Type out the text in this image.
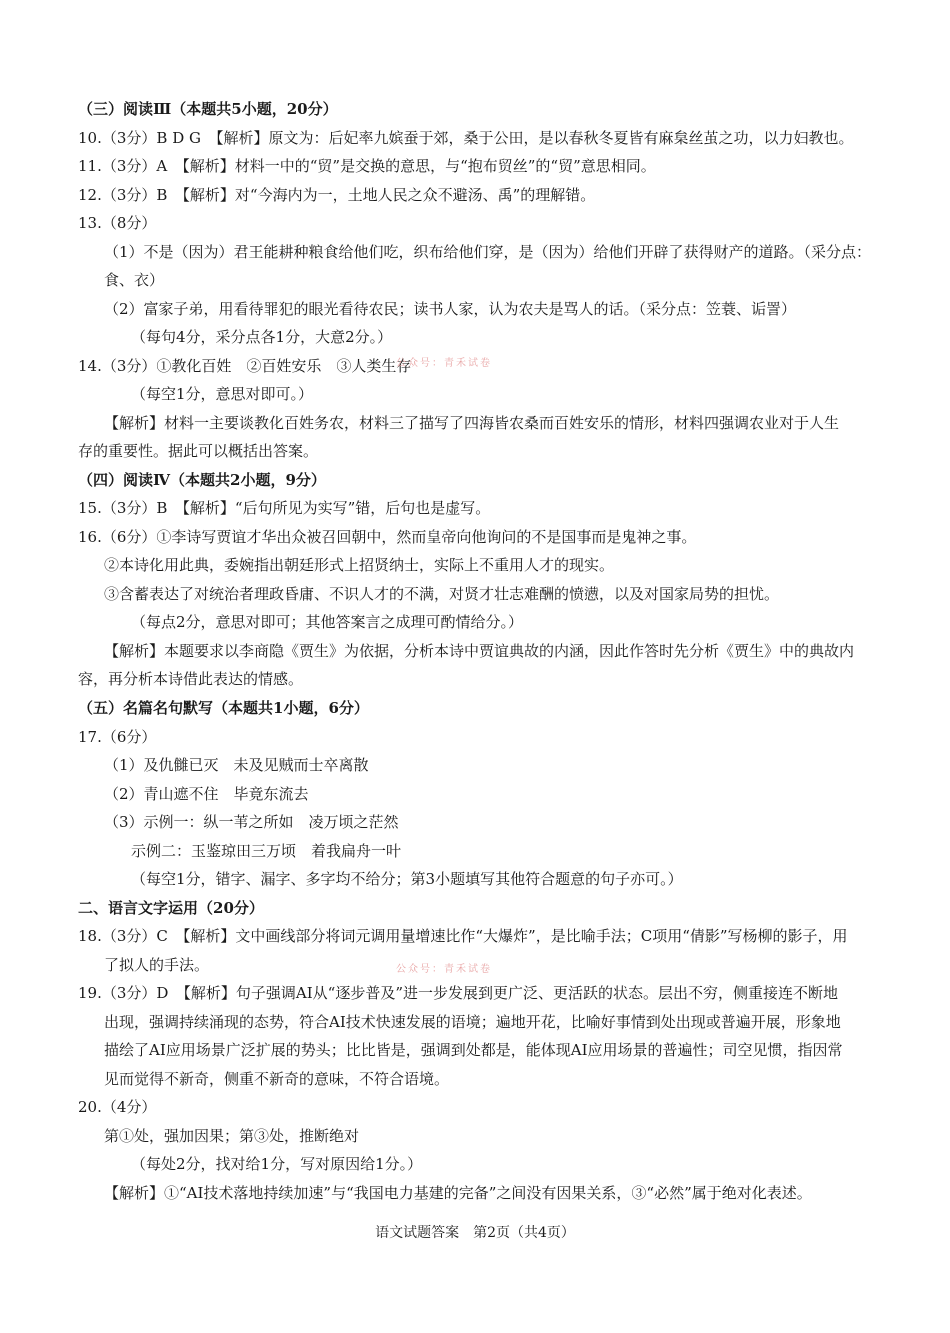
（三）阅读Ⅲ（本题共5小题，20分）
10.（3分）B D G　【解析】原文为：后妃率九嫔蚕于郊，桑于公田，是以春秋冬夏皆有麻枲丝茧之功，以力妇教也。
11.（3分）A　【解析】材料一中的“贸”是交换的意思，与“抱布贸丝”的“贸”意思相同。
12.（3分）B　【解析】对“今海内为一，土地人民之众不避汤、禹”的理解错。
13.（8分）
（1）不是（因为）君王能耕种粮食给他们吃，织布给他们穿，是（因为）给他们开辟了获得财产的道路。（采分点：
食、衣）
（2）富家子弟，用看待罪犯的眼光看待农民；读书人家，认为农夫是骂人的话。（采分点：笠蓑、诟詈）
（每句4分，采分点各1分，大意2分。）
14.（3分）①教化百姓　②百姓安乐　③人类生存
公众号：青禾试卷
（每空1分，意思对即可。）
【解析】材料一主要谈教化百姓务农，材料三了描写了四海皆农桑而百姓安乐的情形，材料四强调农业对于人生
存的重要性。据此可以概括出答案。
（四）阅读Ⅳ（本题共2小题，9分）
15.（3分）B　【解析】“后句所见为实写”错，后句也是虚写。
16.（6分）①李诗写贾谊才华出众被召回朝中，然而皇帝向他询问的不是国事而是鬼神之事。
②本诗化用此典，委婉指出朝廷形式上招贤纳士，实际上不重用人才的现实。
③含蓄表达了对统治者理政昏庸、不识人才的不满，对贤才壮志难酬的愤懑，以及对国家局势的担忧。
（每点2分，意思对即可；其他答案言之成理可酌情给分。）
【解析】本题要求以李商隐《贾生》为依据，分析本诗中贾谊典故的内涵，因此作答时先分析《贾生》中的典故内
容，再分析本诗借此表达的情感。
（五）名篇名句默写（本题共1小题，6分）
17.（6分）
（1）及仇雠已灭　未及见贼而士卒离散
（2）青山遮不住　毕竟东流去
（3）示例一：纵一苇之所如　凌万顷之茫然
示例二：玉鉴琼田三万顷　着我扁舟一叶
（每空1分，错字、漏字、多字均不给分；第3小题填写其他符合题意的句子亦可。）
二、语言文字运用（20分）
18.（3分）C　【解析】文中画线部分将词元调用量增速比作“大爆炸”，是比喻手法；C项用“倩影”写杨柳的影子，用
了拟人的手法。	公众号：青禾试卷
19.（3分）D　【解析】句子强调AI从“逐步普及”进一步发展到更广泛、更活跃的状态。层出不穷，侧重接连不断地
出现，强调持续涌现的态势，符合AI技术快速发展的语境；遍地开花，比喻好事情到处出现或普遍开展，形象地
描绘了AI应用场景广泛扩展的势头；比比皆是，强调到处都是，能体现AI应用场景的普遍性；司空见惯，指因常
见而觉得不新奇，侧重不新奇的意味，不符合语境。
20.（4分）
第①处，强加因果；第③处，推断绝对
（每处2分，找对给1分，写对原因给1分。）
【解析】①“AI技术落地持续加速”与“我国电力基建的完备”之间没有因果关系，③“必然”属于绝对化表述。
语文试题答案　第2页（共4页）
